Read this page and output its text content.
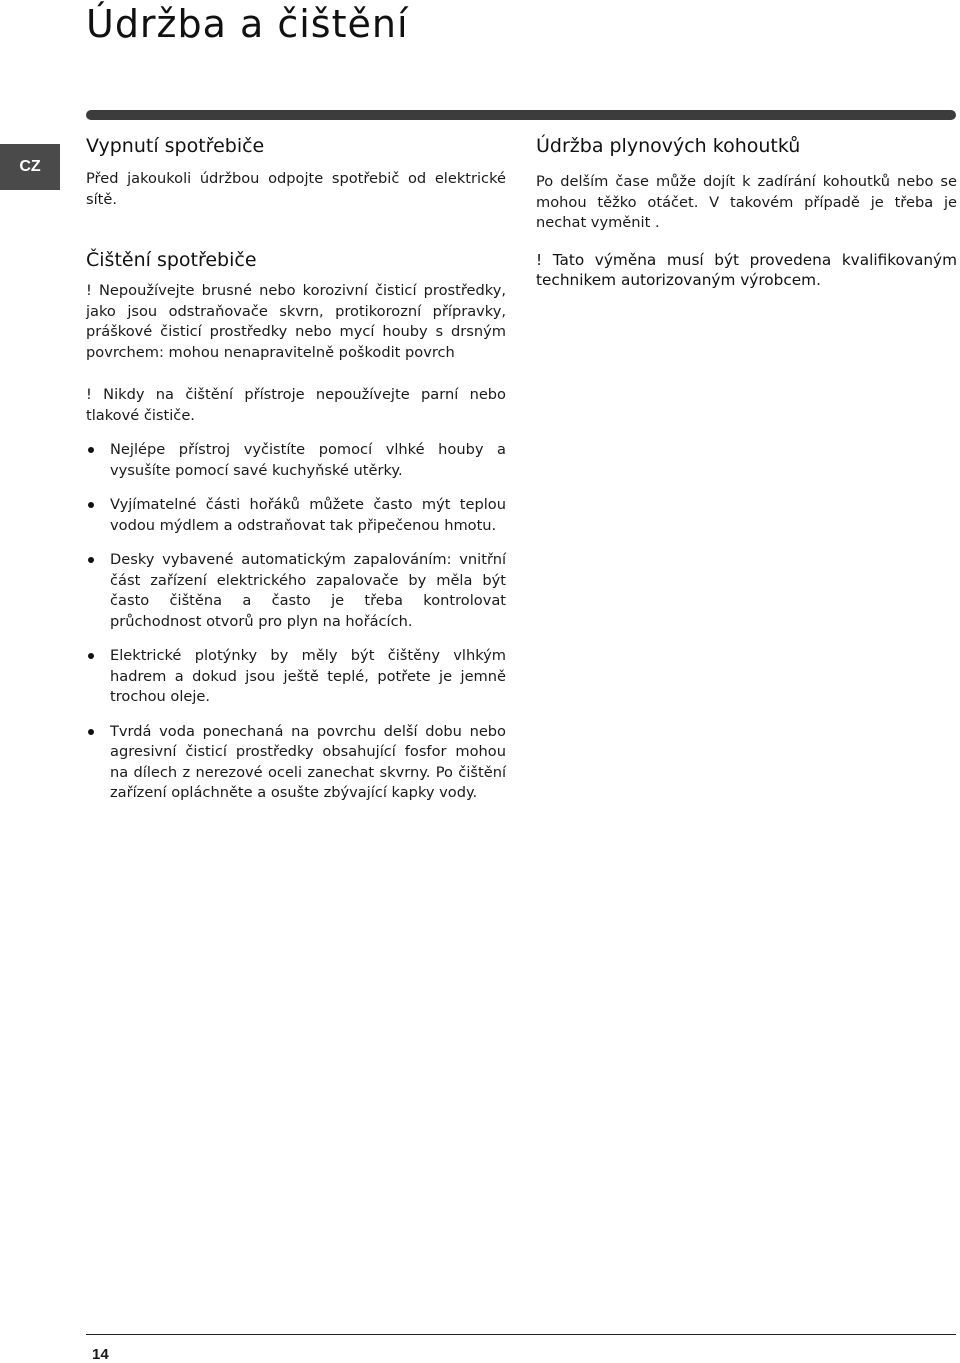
Údržba a čištění
CZ
Vypnutí spotřebiče

Před jakoukoli údržbou odpojte spotřebič od elektrické sítě.

Čištění spotřebiče

! Nepoužívejte brusné nebo korozivní čisticí prostředky, jako jsou odstraňovače skvrn, protikorozní přípravky, práškové čisticí prostředky nebo mycí houby s drsným povrchem: mohou nenapravitelně poškodit povrch

! Nikdy na čištění přístroje nepoužívejte parní nebo tlakové čističe.

Nejlépe přístroj vyčistíte pomocí vlhké houby a vysušíte pomocí savé kuchyňské utěrky.
Vyjímatelné části hořáků můžete často mýt teplou vodou mýdlem a odstraňovat tak připečenou hmotu.
Desky vybavené automatickým zapalováním: vnitřní část zařízení elektrického zapalovače by měla být často čištěna a často je třeba kontrolovat průchodnost otvorů pro plyn na hořácích.
Elektrické plotýnky by měly být čištěny vlhkým hadrem a dokud jsou ještě teplé, potřete je jemně trochou oleje.
Tvrdá voda ponechaná na povrchu delší dobu nebo agresivní čisticí prostředky obsahující fosfor mohou na dílech z nerezové oceli zanechat skvrny. Po čištění zařízení opláchněte a osušte zbývající kapky vody.
Údržba plynových kohoutků

Po delším čase může dojít k zadírání kohoutků nebo se mohou těžko otáčet. V takovém případě je třeba je nechat vyměnit .

! Tato výměna musí být provedena kvalifikovaným technikem autorizovaným výrobcem.

14
